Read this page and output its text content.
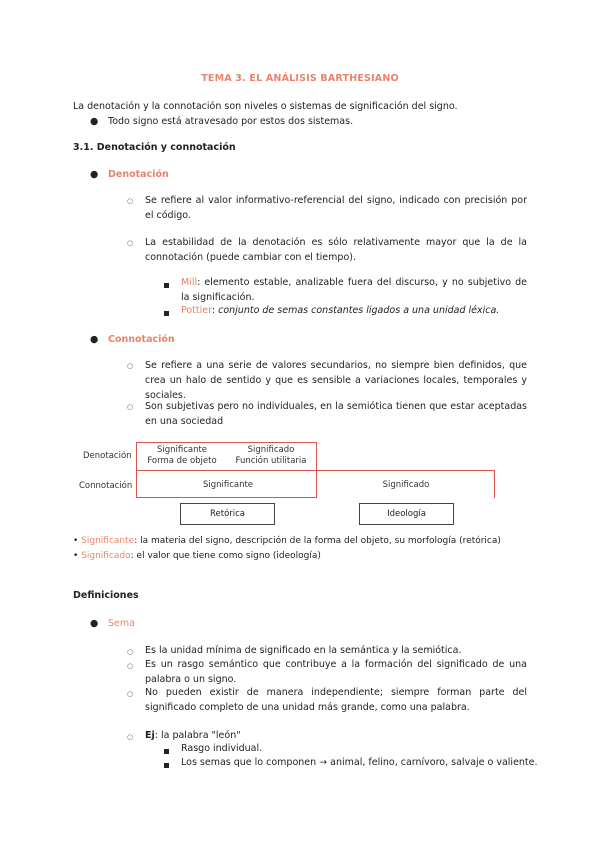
TEMA 3. EL ANÁLISIS BARTHESIANO
La denotación y la connotación son niveles o sistemas de significación del signo.
● Todo signo está atravesado por estos dos sistemas.
3.1. Denotación y connotación
● Denotación
○ Se refiere al valor informativo-referencial del signo, indicado con precisión por el código.
○ La estabilidad de la denotación es sólo relativamente mayor que la de la connotación (puede cambiar con el tiempo).
Mill: elemento estable, analizable fuera del discurso, y no subjetivo de la significación.
Pottier: conjunto de semas constantes ligados a una unidad léxica.
● Connotación
○ Se refiere a una serie de valores secundarios, no siempre bien definidos, que crea un halo de sentido y que es sensible a variaciones locales, temporales y sociales.
○ Son subjetivas pero no individuales, en la semiótica tienen que estar aceptadas en una sociedad
Denotación
Connotación
Significante
Forma de objeto
Significado
Función utilitaria
Significante	Significado
Retórica	Ideología
• Significante: la materia del signo, descripción de la forma del objeto, su morfología (retórica)
• Significado: el valor que tiene como signo (ideología)
Definiciones
● Sema
○ Es la unidad mínima de significado en la semántica y la semiótica.
○ Es un rasgo semántico que contribuye a la formación del significado de una palabra o un signo.
○ No pueden existir de manera independiente; siempre forman parte del significado completo de una unidad más grande, como una palabra.
○ Ej: la palabra "león"
Rasgo individual.
Los semas que lo componen → animal, felino, carnívoro, salvaje o valiente.
